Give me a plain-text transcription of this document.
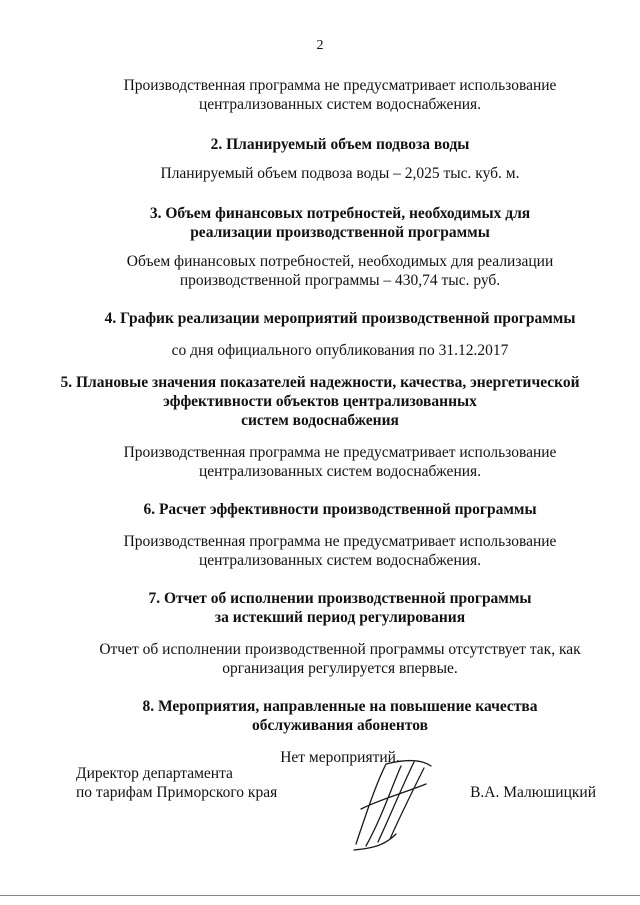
2

Производственная программа не предусматривает использование
централизованных систем водоснабжения.

2. Планируемый объем подвоза воды

Планируемый объем подвоза воды – 2,025 тыс. куб. м.

3. Объем финансовых потребностей, необходимых для
реализации производственной программы

Объем финансовых потребностей, необходимых для реализации
производственной программы – 430,74 тыс. руб.

4. График реализации мероприятий производственной программы

со дня официального опубликования по 31.12.2017

5. Плановые значения показателей надежности, качества, энергетической
эффективности объектов централизованных
систем водоснабжения

Производственная программа не предусматривает использование
централизованных систем водоснабжения.

6. Расчет эффективности производственной программы

Производственная программа не предусматривает использование
централизованных систем водоснабжения.

7. Отчет об исполнении производственной программы
за истекший период регулирования

Отчет об исполнении производственной программы отсутствует так, как
организация регулируется впервые.

8. Мероприятия, направленные на повышение качества
обслуживания абонентов

Нет мероприятий.

Директор департамента
по тарифам Приморского края	В.А. Малюшицкий
